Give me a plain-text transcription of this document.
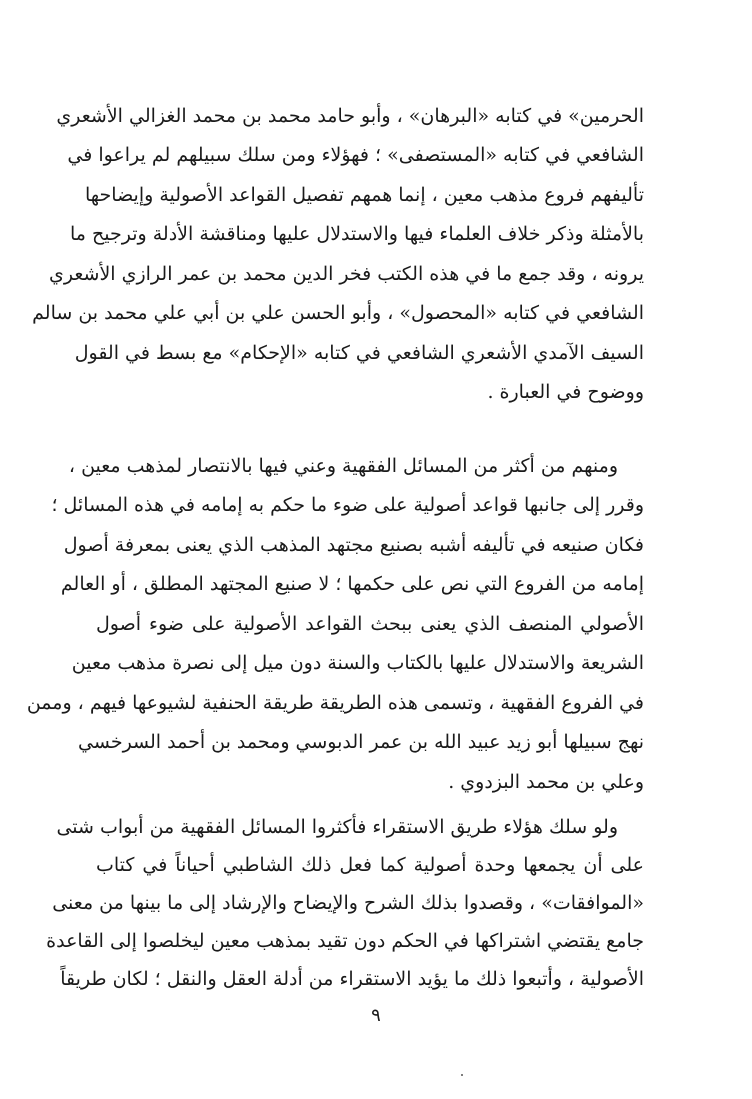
الحرمين» في كتابه «البرهان» ، وأبو حامد محمد بن محمد الغزالي الأشعري
الشافعي في كتابه «المستصفى» ؛ فهؤلاء ومن سلك سبيلهم لم يراعوا في
تأليفهم فروع مذهب معين ، إنما همهم تفصيل القواعد الأصولية وإيضاحها
بالأمثلة وذكر خلاف العلماء فيها والاستدلال عليها ومناقشة الأدلة وترجيح ما
يرونه ، وقد جمع ما في هذه الكتب فخر الدين محمد بن عمر الرازي الأشعري
الشافعي في كتابه «المحصول» ، وأبو الحسن علي بن أبي علي محمد بن سالم
السيف الآمدي الأشعري الشافعي في كتابه «الإحكام» مع بسط في القول
ووضوح في العبارة .
ومنهم من أكثر من المسائل الفقهية وعني فيها بالانتصار لمذهب معين ،
وقرر إلى جانبها قواعد أصولية على ضوء ما حكم به إمامه في هذه المسائل ؛
فكان صنيعه في تأليفه أشبه بصنيع مجتهد المذهب الذي يعنى بمعرفة أصول
إمامه من الفروع التي نص على حكمها ؛ لا صنيع المجتهد المطلق ، أو العالم
الأصولي المنصف الذي يعنى ببحث القواعد الأصولية على ضوء أصول
الشريعة والاستدلال عليها بالكتاب والسنة دون ميل إلى نصرة مذهب معين
في الفروع الفقهية ، وتسمى هذه الطريقة طريقة الحنفية لشيوعها فيهم ، وممن
نهج سبيلها أبو زيد عبيد الله بن عمر الدبوسي ومحمد بن أحمد السرخسي
وعلي بن محمد البزدوي .
ولو سلك هؤلاء طريق الاستقراء فأكثروا المسائل الفقهية من أبواب شتى
على أن يجمعها وحدة أصولية كما فعل ذلك الشاطبي أحياناً في كتاب
«الموافقات» ، وقصدوا بذلك الشرح والإيضاح والإرشاد إلى ما بينها من معنى
جامع يقتضي اشتراكها في الحكم دون تقيد بمذهب معين ليخلصوا إلى القاعدة
الأصولية ، وأتبعوا ذلك ما يؤيد الاستقراء من أدلة العقل والنقل ؛ لكان طريقاً
٩
